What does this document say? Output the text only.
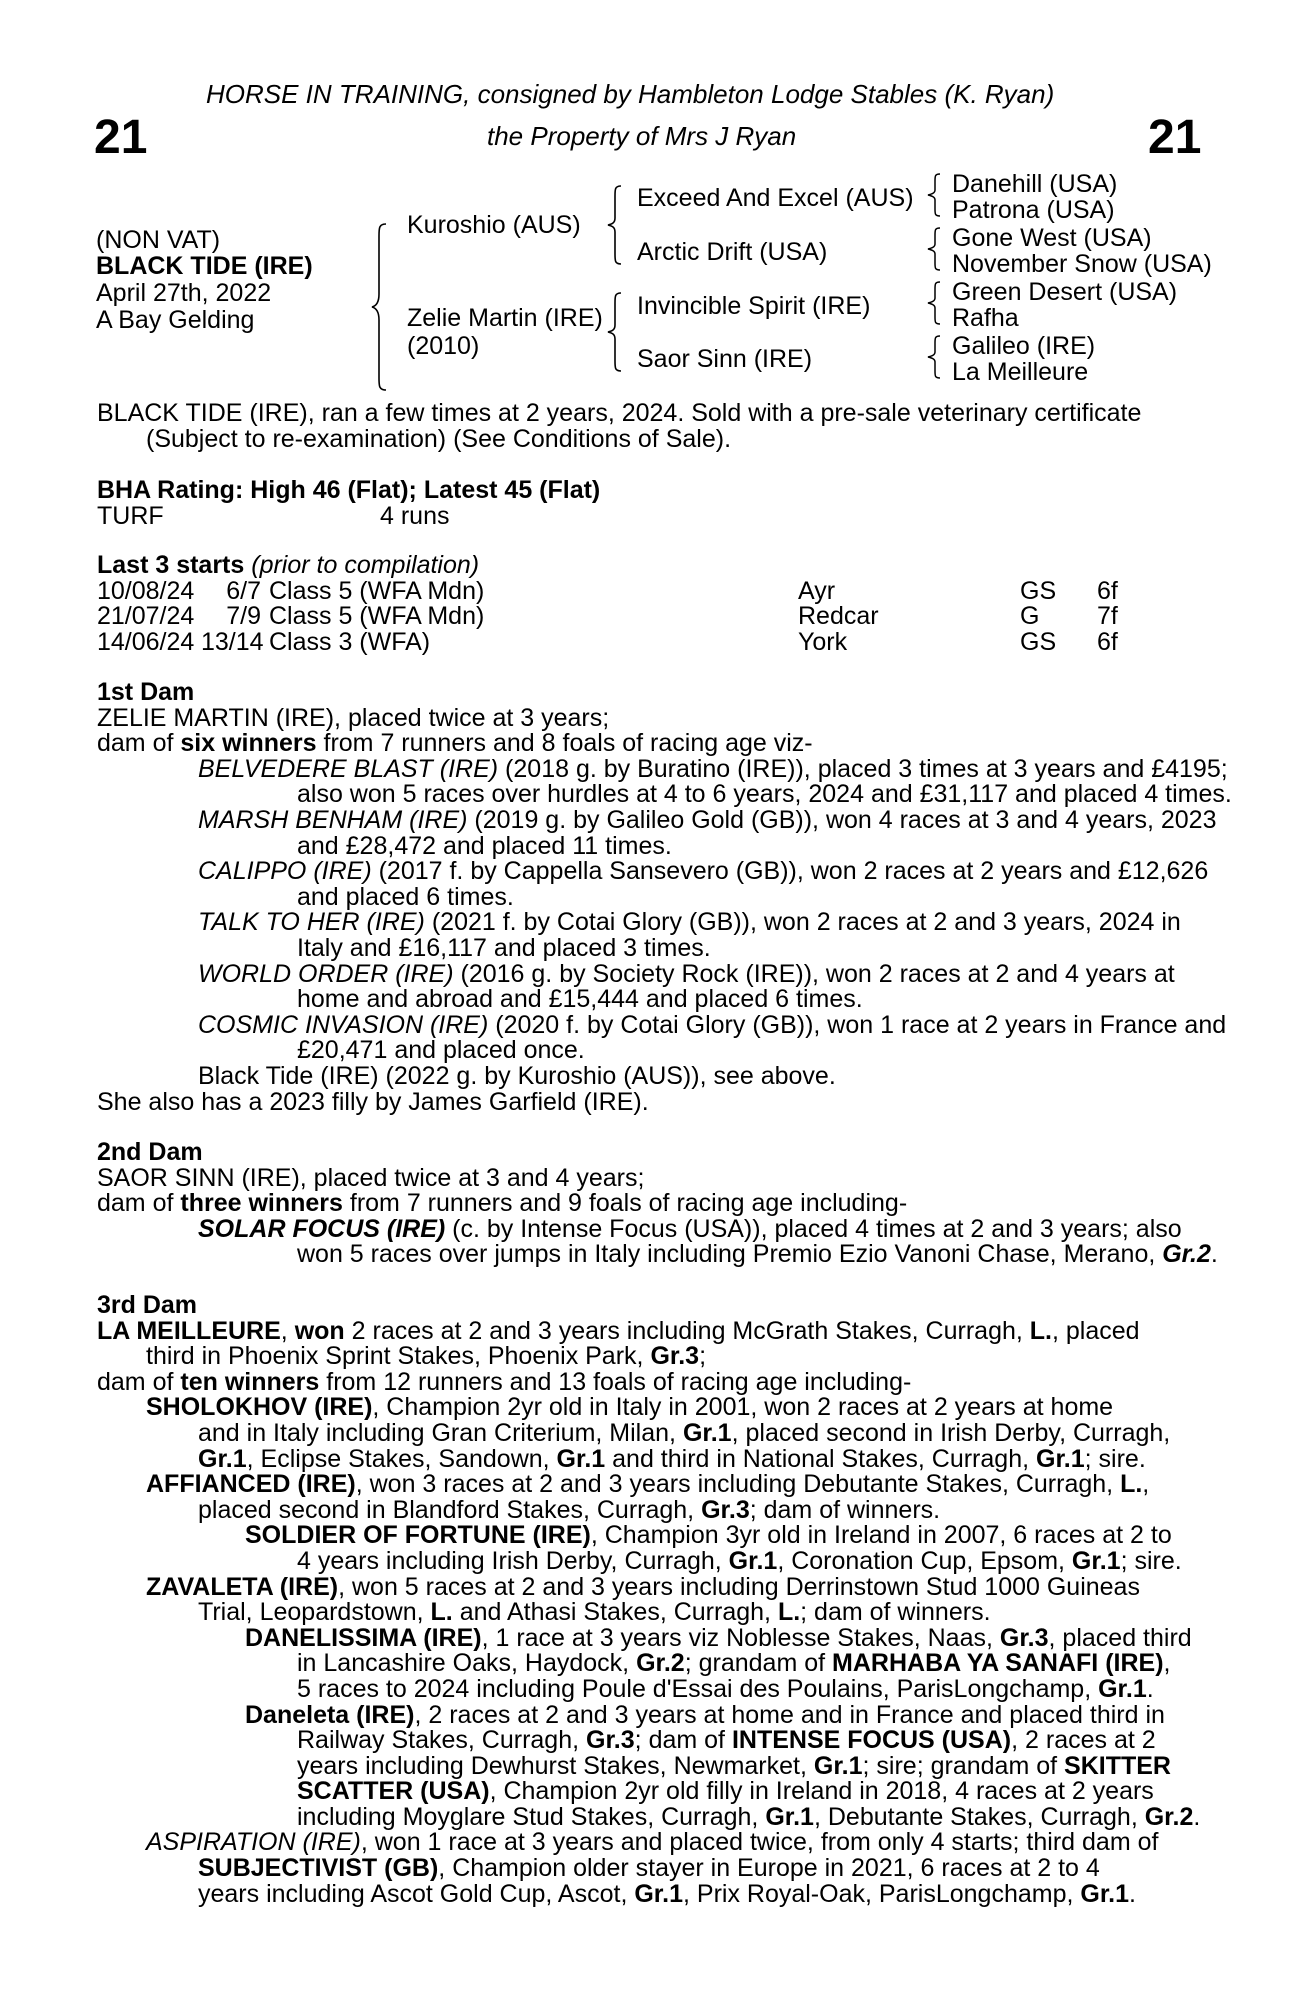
21	21
HORSE IN TRAINING, consigned by Hambleton Lodge Stables (K. Ryan)
the Property of Mrs J Ryan
(NON VAT)
BLACK TIDE (IRE)
April 27th, 2022
A Bay Gelding
Kuroshio (AUS)
Zelie Martin (IRE)
(2010)
Exceed And Excel (AUS)
Arctic Drift (USA)
Invincible Spirit (IRE)
Saor Sinn (IRE)
Danehill (USA)
Patrona (USA)
Gone West (USA)
November Snow (USA)
Green Desert (USA)
Rafha
Galileo (IRE)
La Meilleure
BLACK TIDE (IRE), ran a few times at 2 years, 2024. Sold with a pre-sale veterinary certificate
(Subject to re-examination) (See Conditions of Sale).
BHA Rating: High 46 (Flat); Latest 45 (Flat)
TURF	4 runs
Last 3 starts (prior to compilation)
10/08/24	6/7 Class 5 (WFA Mdn)	Ayr	GS	6f
21/07/24	7/9 Class 5 (WFA Mdn)	Redcar	G	7f
14/06/24 13/14 Class 3 (WFA)	York	GS	6f
1st Dam
ZELIE MARTIN (IRE), placed twice at 3 years;
dam of six winners from 7 runners and 8 foals of racing age viz-
BELVEDERE BLAST (IRE) (2018 g. by Buratino (IRE)), placed 3 times at 3 years and £4195;
also won 5 races over hurdles at 4 to 6 years, 2024 and £31,117 and placed 4 times.
MARSH BENHAM (IRE) (2019 g. by Galileo Gold (GB)), won 4 races at 3 and 4 years, 2023
and £28,472 and placed 11 times.
CALIPPO (IRE) (2017 f. by Cappella Sansevero (GB)), won 2 races at 2 years and £12,626
and placed 6 times.
TALK TO HER (IRE) (2021 f. by Cotai Glory (GB)), won 2 races at 2 and 3 years, 2024 in
Italy and £16,117 and placed 3 times.
WORLD ORDER (IRE) (2016 g. by Society Rock (IRE)), won 2 races at 2 and 4 years at
home and abroad and £15,444 and placed 6 times.
COSMIC INVASION (IRE) (2020 f. by Cotai Glory (GB)), won 1 race at 2 years in France and
£20,471 and placed once.
Black Tide (IRE) (2022 g. by Kuroshio (AUS)), see above.
She also has a 2023 filly by James Garfield (IRE).
2nd Dam
SAOR SINN (IRE), placed twice at 3 and 4 years;
dam of three winners from 7 runners and 9 foals of racing age including-
SOLAR FOCUS (IRE) (c. by Intense Focus (USA)), placed 4 times at 2 and 3 years; also
won 5 races over jumps in Italy including Premio Ezio Vanoni Chase, Merano, Gr.2.
3rd Dam
LA MEILLEURE, won 2 races at 2 and 3 years including McGrath Stakes, Curragh, L., placed
third in Phoenix Sprint Stakes, Phoenix Park, Gr.3;
dam of ten winners from 12 runners and 13 foals of racing age including-
SHOLOKHOV (IRE), Champion 2yr old in Italy in 2001, won 2 races at 2 years at home
and in Italy including Gran Criterium, Milan, Gr.1, placed second in Irish Derby, Curragh,
Gr.1, Eclipse Stakes, Sandown, Gr.1 and third in National Stakes, Curragh, Gr.1; sire.
AFFIANCED (IRE), won 3 races at 2 and 3 years including Debutante Stakes, Curragh, L.,
placed second in Blandford Stakes, Curragh, Gr.3; dam of winners.
SOLDIER OF FORTUNE (IRE), Champion 3yr old in Ireland in 2007, 6 races at 2 to
4 years including Irish Derby, Curragh, Gr.1, Coronation Cup, Epsom, Gr.1; sire.
ZAVALETA (IRE), won 5 races at 2 and 3 years including Derrinstown Stud 1000 Guineas
Trial, Leopardstown, L. and Athasi Stakes, Curragh, L.; dam of winners.
DANELISSIMA (IRE), 1 race at 3 years viz Noblesse Stakes, Naas, Gr.3, placed third
in Lancashire Oaks, Haydock, Gr.2; grandam of MARHABA YA SANAFI (IRE),
5 races to 2024 including Poule d'Essai des Poulains, ParisLongchamp, Gr.1.
Daneleta (IRE), 2 races at 2 and 3 years at home and in France and placed third in
Railway Stakes, Curragh, Gr.3; dam of INTENSE FOCUS (USA), 2 races at 2
years including Dewhurst Stakes, Newmarket, Gr.1; sire; grandam of SKITTER
SCATTER (USA), Champion 2yr old filly in Ireland in 2018, 4 races at 2 years
including Moyglare Stud Stakes, Curragh, Gr.1, Debutante Stakes, Curragh, Gr.2.
ASPIRATION (IRE), won 1 race at 3 years and placed twice, from only 4 starts; third dam of
SUBJECTIVIST (GB), Champion older stayer in Europe in 2021, 6 races at 2 to 4
years including Ascot Gold Cup, Ascot, Gr.1, Prix Royal-Oak, ParisLongchamp, Gr.1.
